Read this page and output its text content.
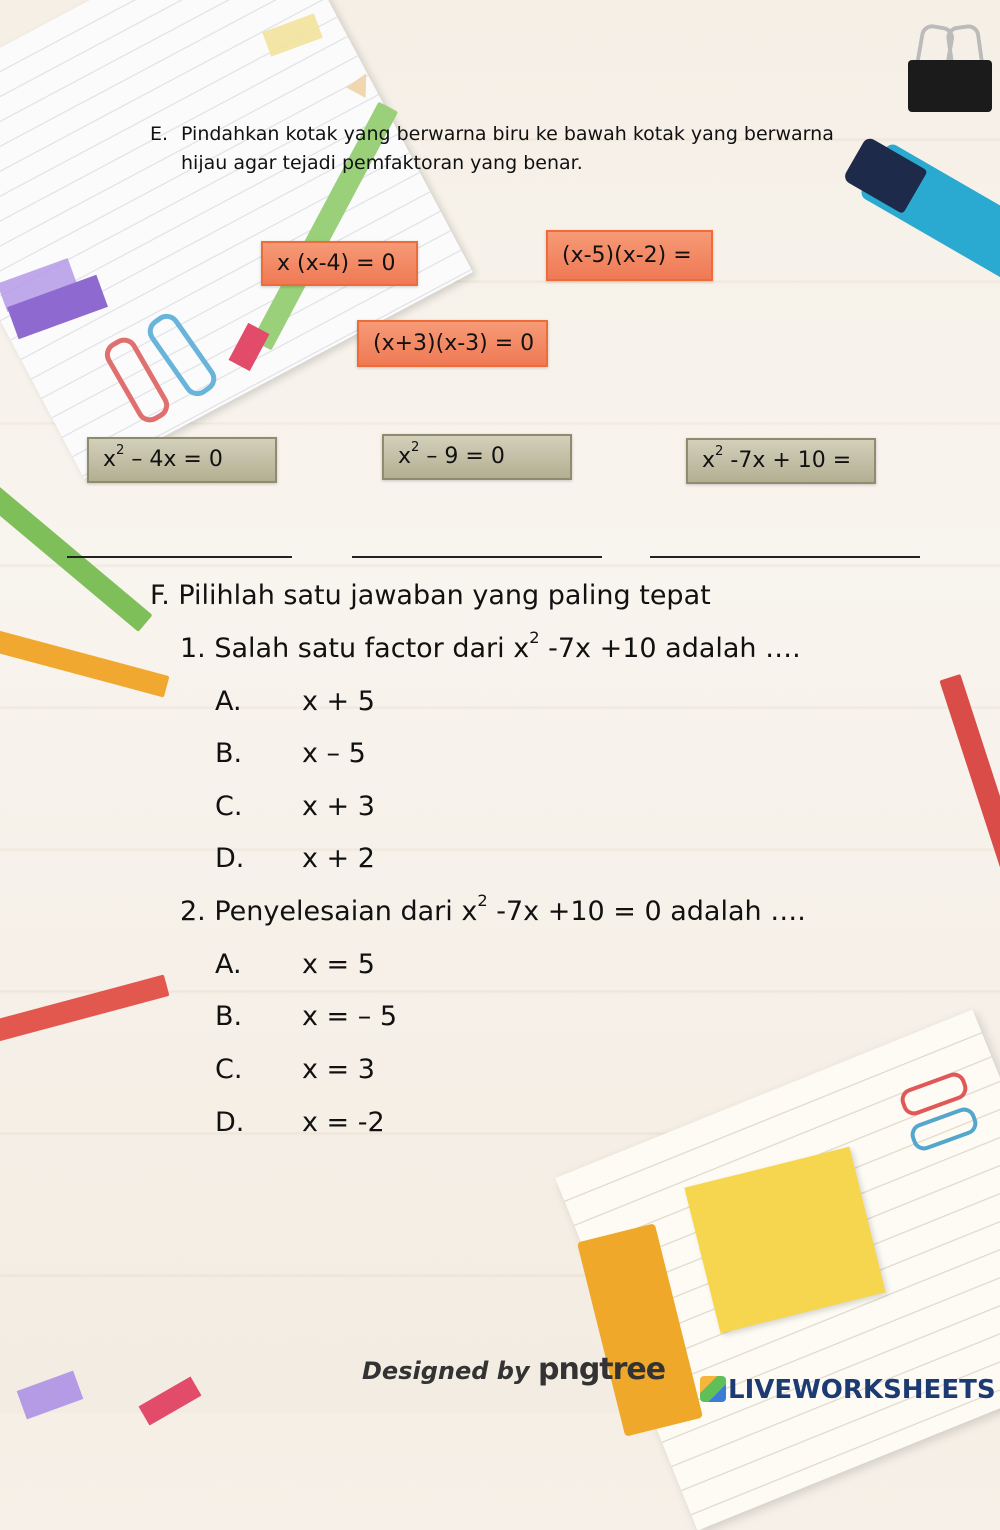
E. Pindahkan kotak yang berwarna biru ke bawah kotak yang berwarna hijau agar tejadi pemfaktoran yang benar.
x (x-4) = 0	(x-5)(x-2) =
(x+3)(x-3) = 0
$x^2 - 4x = 0$	$x^2 - 9 = 0$	$x^2$ -7x + 10 =
F. Pilihlah satu jawaban yang paling tepat
1. Salah satu factor dari $x^2$ -7x +10 adalah ….
A. x + 5
B. x – 5
C. x + 3
D. x + 2
2. Penyelesaian dari $x^2$ -7x +10 = 0 adalah ….
A. x = 5
B. x = – 5
C. x = 3
D. x = -2
Designed by pngtree
LIVEWORKSHEETS
